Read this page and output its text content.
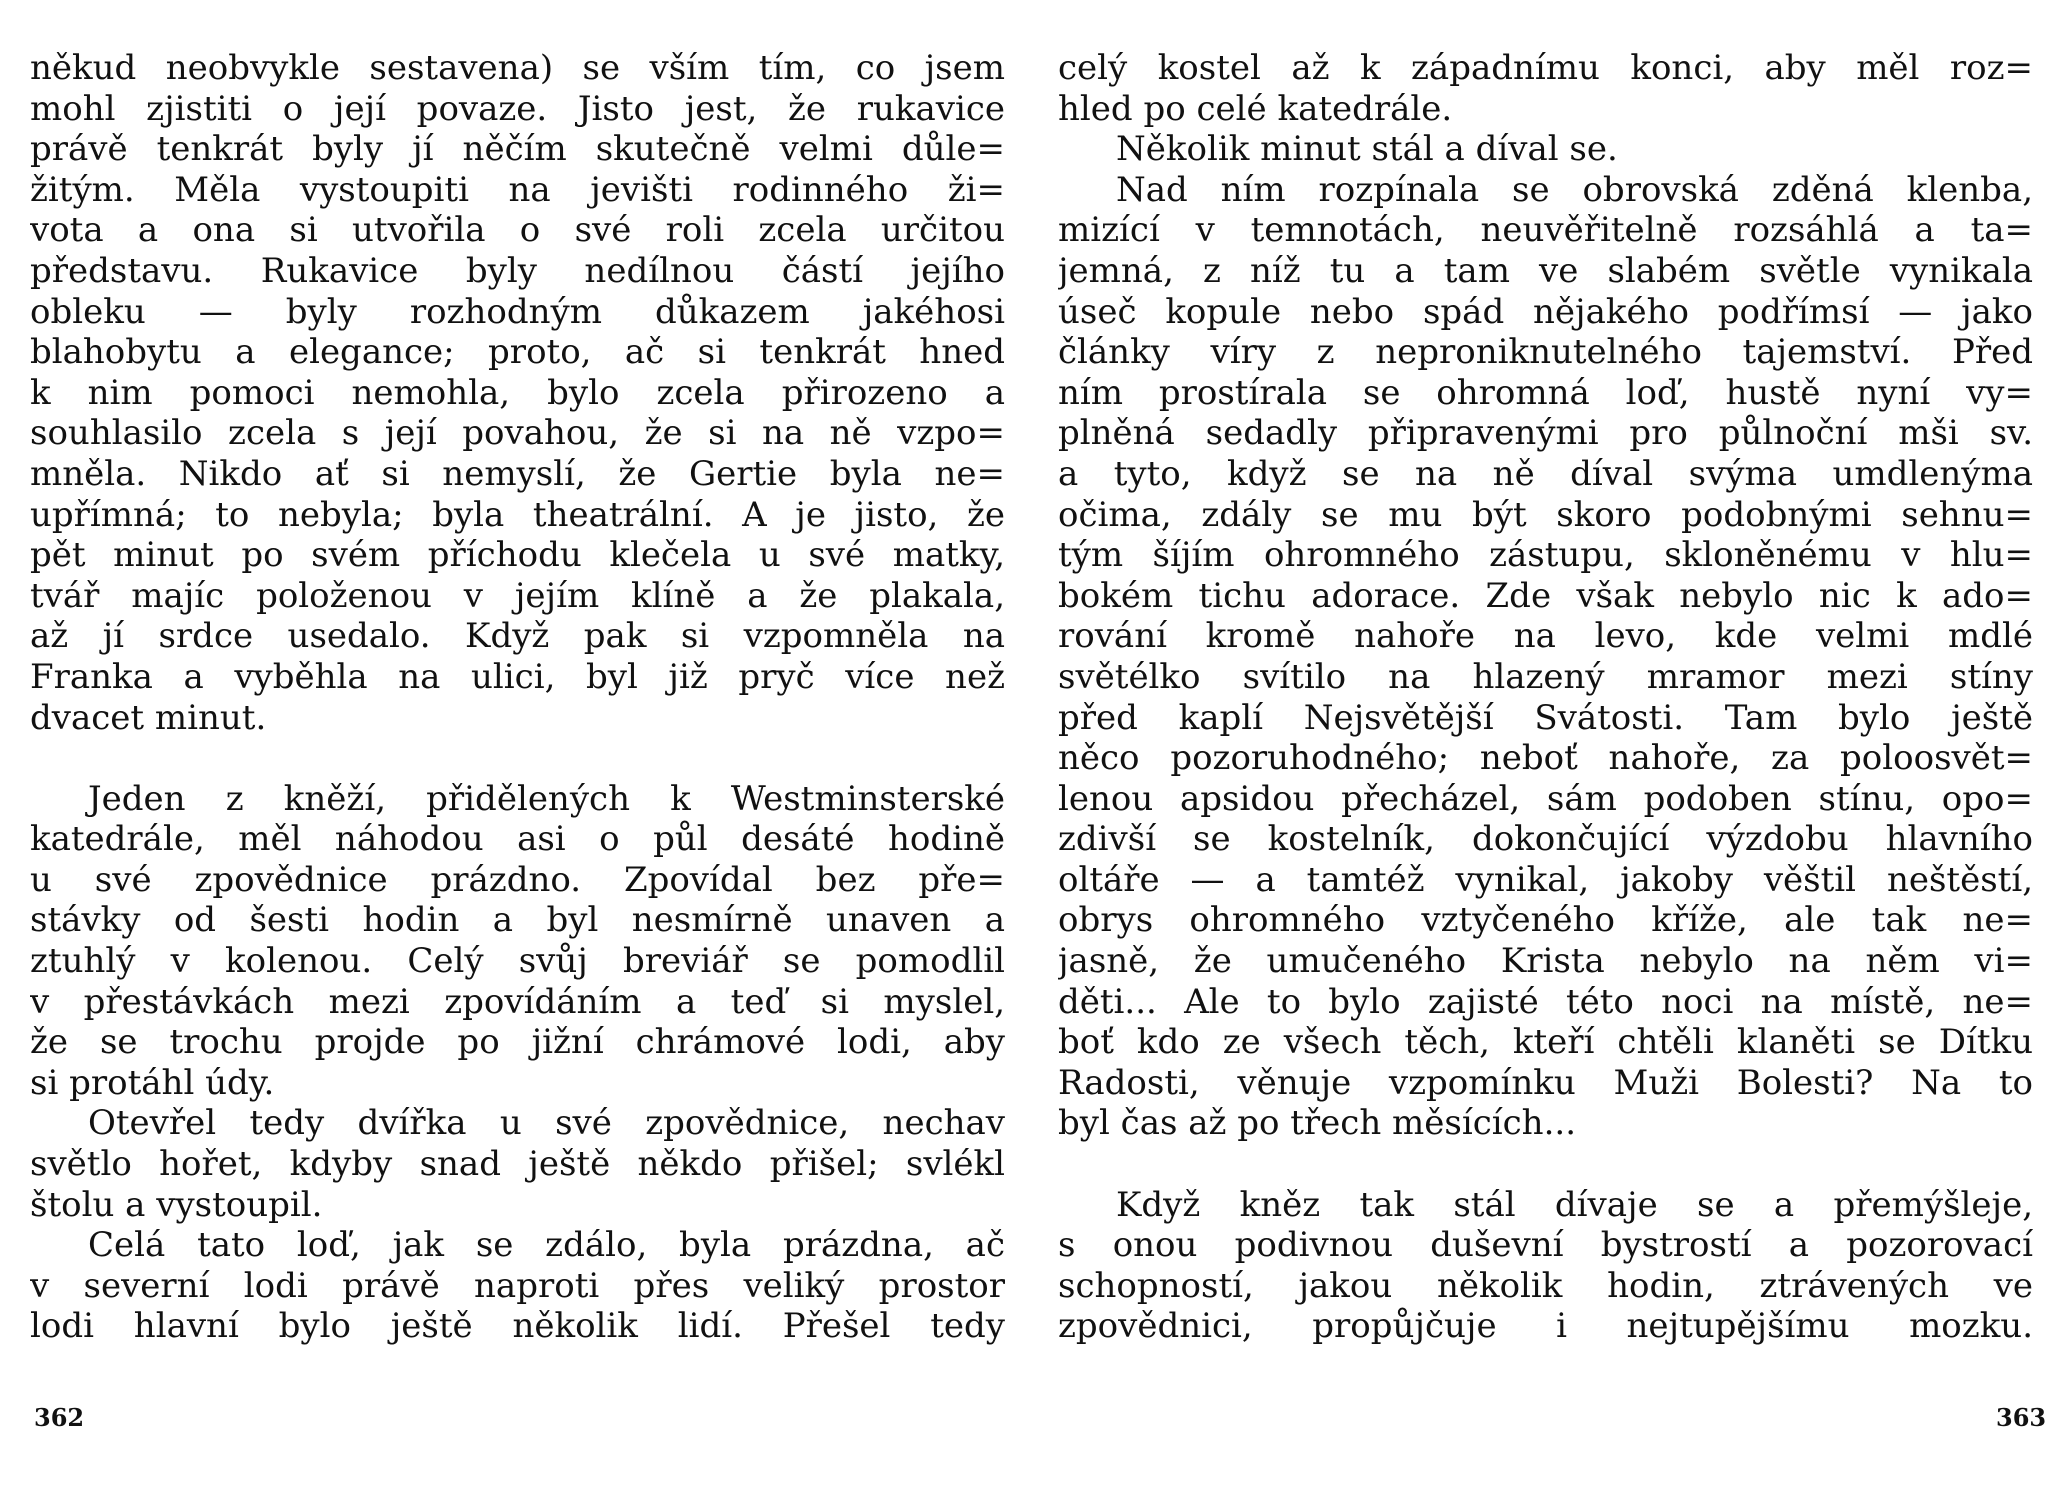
někud neobvykle sestavena) se vším tím, co jsem
mohl zjistiti o její povaze. Jisto jest, že rukavice
právě tenkrát byly jí něčím skutečně velmi důle=
žitým. Měla vystoupiti na jevišti rodinného ži=
vota a ona si utvořila o své roli zcela určitou
představu. Rukavice byly nedílnou částí jejího
obleku — byly rozhodným důkazem jakéhosi
blahobytu a elegance; proto, ač si tenkrát hned
k nim pomoci nemohla, bylo zcela přirozeno a
souhlasilo zcela s její povahou, že si na ně vzpo=
mněla. Nikdo ať si nemyslí, že Gertie byla ne=
upřímná; to nebyla; byla theatrální. A je jisto, že
pět minut po svém příchodu klečela u své matky,
tvář majíc položenou v jejím klíně a že plakala,
až jí srdce usedalo. Když pak si vzpomněla na
Franka a vyběhla na ulici, byl již pryč více než
dvacet minut.
Jeden z kněží, přidělených k Westminsterské
katedrále, měl náhodou asi o půl desáté hodině
u své zpovědnice prázdno. Zpovídal bez pře=
stávky od šesti hodin a byl nesmírně unaven a
ztuhlý v kolenou. Celý svůj breviář se pomodlil
v přestávkách mezi zpovídáním a teď si myslel,
že se trochu projde po jižní chrámové lodi, aby
si protáhl údy.
Otevřel tedy dvířka u své zpovědnice, nechav
světlo hořet, kdyby snad ještě někdo přišel; svlékl
štolu a vystoupil.
Celá tato loď, jak se zdálo, byla prázdna, ač
v severní lodi právě naproti přes veliký prostor
lodi hlavní bylo ještě několik lidí. Přešel tedy
362
celý kostel až k západnímu konci, aby měl roz=
hled po celé katedrále.
Několik minut stál a díval se.
Nad ním rozpínala se obrovská zděná klenba,
mizící v temnotách, neuvěřitelně rozsáhlá a ta=
jemná, z níž tu a tam ve slabém světle vynikala
úseč kopule nebo spád nějakého podřímsí — jako
články víry z neproniknutelného tajemství. Před
ním prostírala se ohromná loď, hustě nyní vy=
plněná sedadly připravenými pro půlnoční mši sv.
a tyto, když se na ně díval svýma umdlenýma
očima, zdály se mu být skoro podobnými sehnu=
tým šíjím ohromného zástupu, skloněnému v hlu=
bokém tichu adorace. Zde však nebylo nic k ado=
rování kromě nahoře na levo, kde velmi mdlé
světélko svítilo na hlazený mramor mezi stíny
před kaplí Nejsvětější Svátosti. Tam bylo ještě
něco pozoruhodného; neboť nahoře, za poloosvět=
lenou apsidou přecházel, sám podoben stínu, opo=
zdivší se kostelník, dokončující výzdobu hlavního
oltáře — a tamtéž vynikal, jakoby věštil neštěstí,
obrys ohromného vztyčeného kříže, ale tak ne=
jasně, že umučeného Krista nebylo na něm vi=
děti... Ale to bylo zajisté této noci na místě, ne=
boť kdo ze všech těch, kteří chtěli klaněti se Dítku
Radosti, věnuje vzpomínku Muži Bolesti? Na to
byl čas až po třech měsících...
Když kněz tak stál dívaje se a přemýšleje,
s onou podivnou duševní bystrostí a pozorovací
schopností, jakou několik hodin, ztrávených ve
zpovědnici, propůjčuje i nejtupějšímu mozku.
363
